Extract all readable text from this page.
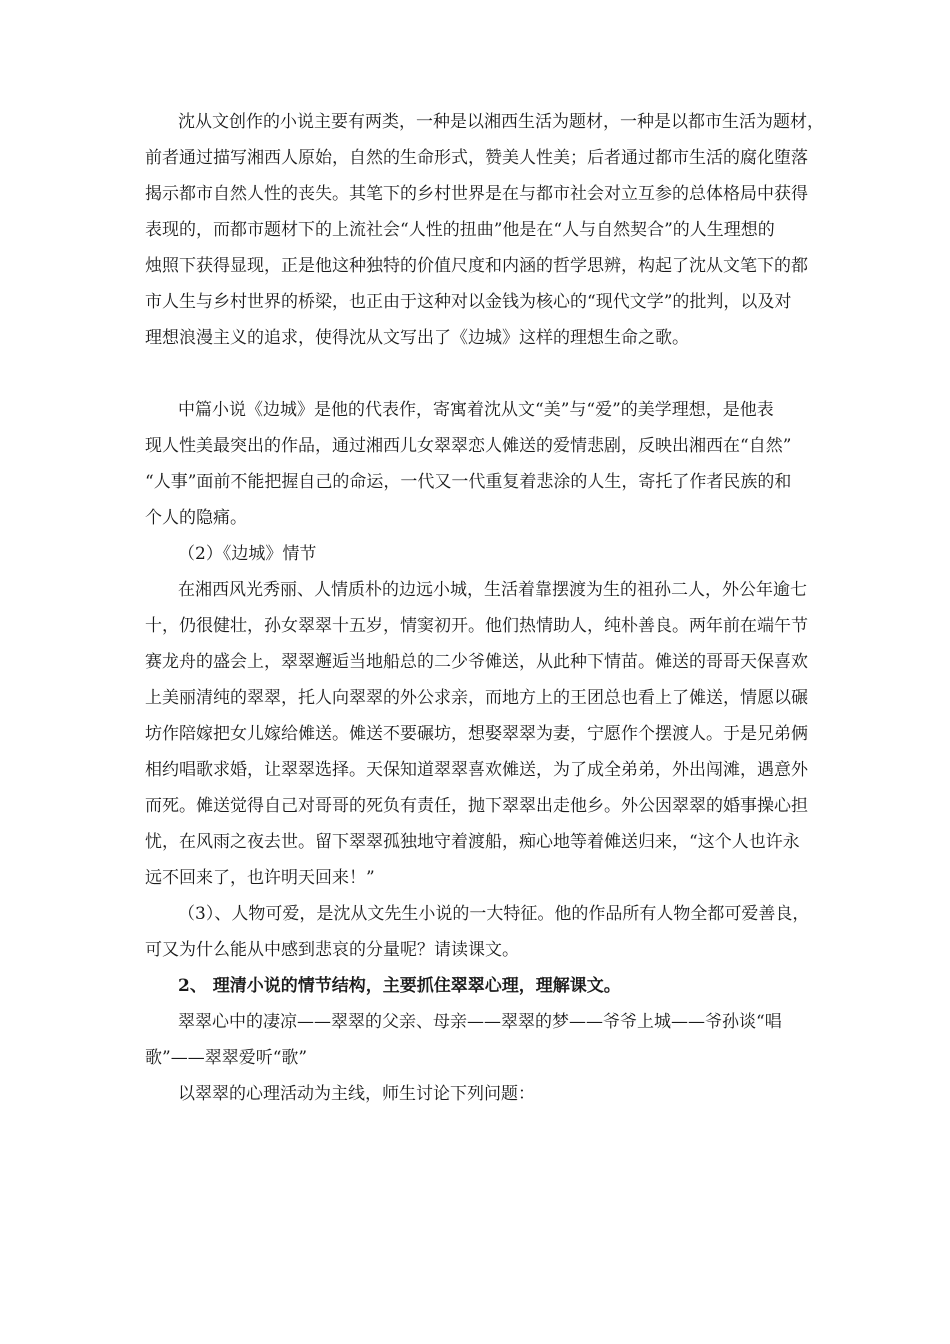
沈从文创作的小说主要有两类，一种是以湘西生活为题材，一种是以都市生活为题材，
前者通过描写湘西人原始，自然的生命形式，赞美人性美；后者通过都市生活的腐化堕落
揭示都市自然人性的丧失。其笔下的乡村世界是在与都市社会对立互参的总体格局中获得
表现的，而都市题材下的上流社会“人性的扭曲”他是在“人与自然契合”的人生理想的
烛照下获得显现，正是他这种独特的价值尺度和内涵的哲学思辨，构起了沈从文笔下的都
市人生与乡村世界的桥梁，也正由于这种对以金钱为核心的“现代文学”的批判，以及对
理想浪漫主义的追求，使得沈从文写出了《边城》这样的理想生命之歌。
中篇小说《边城》是他的代表作，寄寓着沈从文“美”与“爱”的美学理想，是他表
现人性美最突出的作品，通过湘西儿女翠翠恋人傩送的爱情悲剧，反映出湘西在“自然”
“人事”面前不能把握自己的命运，一代又一代重复着悲涂的人生，寄托了作者民族的和
个人的隐痛。
（2）《边城》情节
在湘西风光秀丽、人情质朴的边远小城，生活着靠摆渡为生的祖孙二人，外公年逾七
十，仍很健壮，孙女翠翠十五岁，情窦初开。他们热情助人，纯朴善良。两年前在端午节
赛龙舟的盛会上，翠翠邂逅当地船总的二少爷傩送，从此种下情苗。傩送的哥哥天保喜欢
上美丽清纯的翠翠，托人向翠翠的外公求亲，而地方上的王团总也看上了傩送，情愿以碾
坊作陪嫁把女儿嫁给傩送。傩送不要碾坊，想娶翠翠为妻，宁愿作个摆渡人。于是兄弟俩
相约唱歌求婚，让翠翠选择。天保知道翠翠喜欢傩送，为了成全弟弟，外出闯滩，遇意外
而死。傩送觉得自己对哥哥的死负有责任，抛下翠翠出走他乡。外公因翠翠的婚事操心担
忧，在风雨之夜去世。留下翠翠孤独地守着渡船，痴心地等着傩送归来，“这个人也许永
远不回来了，也许明天回来！”
（3）、人物可爱，是沈从文先生小说的一大特征。他的作品所有人物全都可爱善良，
可又为什么能从中感到悲哀的分量呢？请读课文。
2、 理清小说的情节结构，主要抓住翠翠心理，理解课文。
翠翠心中的凄凉——翠翠的父亲、母亲——翠翠的梦——爷爷上城——爷孙谈“唱
歌”——翠翠爱听“歌”
以翠翠的心理活动为主线，师生讨论下列问题：
